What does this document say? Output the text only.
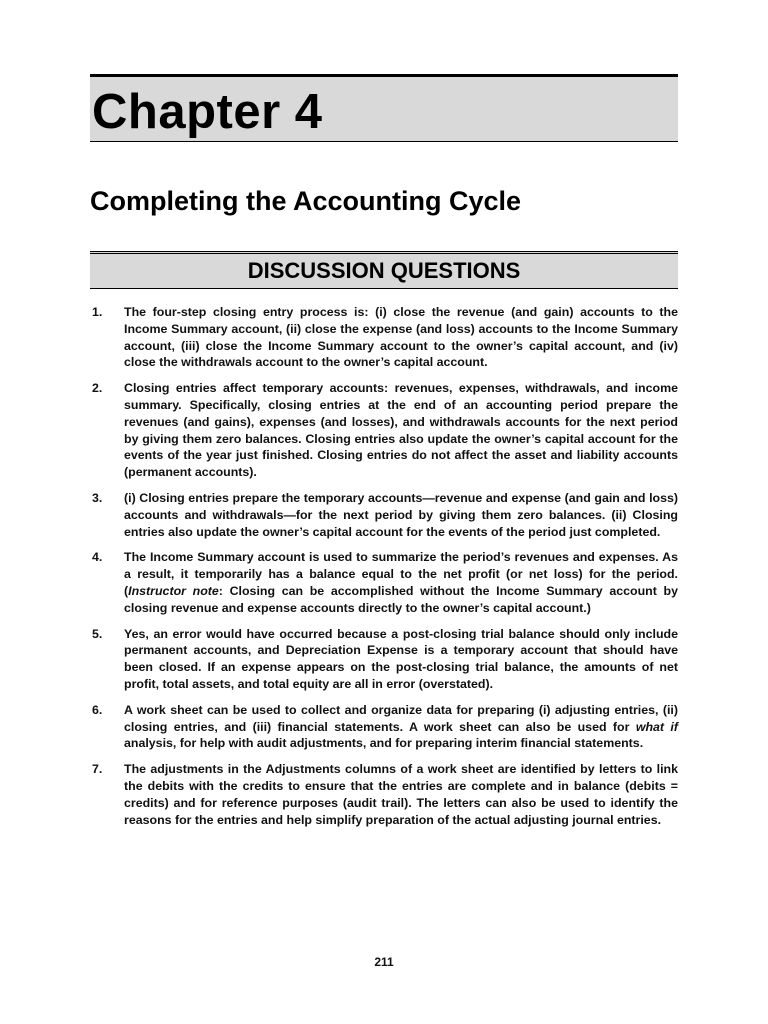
Chapter 4
Completing the Accounting Cycle
DISCUSSION QUESTIONS
1.	The four-step closing entry process is: (i) close the revenue (and gain) accounts to the Income Summary account, (ii) close the expense (and loss) accounts to the Income Summary account, (iii) close the Income Summary account to the owner’s capital account, and (iv) close the withdrawals account to the owner’s capital account.
2.	Closing entries affect temporary accounts: revenues, expenses, withdrawals, and income summary. Specifically, closing entries at the end of an accounting period prepare the revenues (and gains), expenses (and losses), and withdrawals accounts for the next period by giving them zero balances. Closing entries also update the owner’s capital account for the events of the year just finished. Closing entries do not affect the asset and liability accounts (permanent accounts).
3.	(i) Closing entries prepare the temporary accounts—revenue and expense (and gain and loss) accounts and withdrawals—for the next period by giving them zero balances. (ii) Closing entries also update the owner’s capital account for the events of the period just completed.
4.	The Income Summary account is used to summarize the period’s revenues and expenses. As a result, it temporarily has a balance equal to the net profit (or net loss) for the period. (Instructor note: Closing can be accomplished without the Income Summary account by closing revenue and expense accounts directly to the owner’s capital account.)
5.	Yes, an error would have occurred because a post-closing trial balance should only include permanent accounts, and Depreciation Expense is a temporary account that should have been closed. If an expense appears on the post-closing trial balance, the amounts of net profit, total assets, and total equity are all in error (overstated).
6.	A work sheet can be used to collect and organize data for preparing (i) adjusting entries, (ii) closing entries, and (iii) financial statements. A work sheet can also be used for what if analysis, for help with audit adjustments, and for preparing interim financial statements.
7.	The adjustments in the Adjustments columns of a work sheet are identified by letters to link the debits with the credits to ensure that the entries are complete and in balance (debits = credits) and for reference purposes (audit trail). The letters can also be used to identify the reasons for the entries and help simplify preparation of the actual adjusting journal entries.
211
